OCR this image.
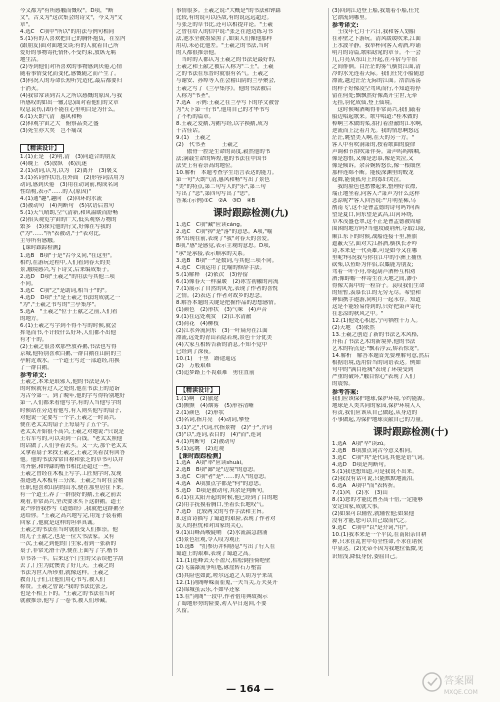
今义都为"有所感触而慨叹"。D项，"断
文"，古义为"这次集会的诗文"，今义为"文
章"。
4.选C　C项中"所以"的用法与例句相同
5.(1)有的人喜欢把自己的胸怀抱负，在室内
(跟朋友)面对面地交谈;有的人就着自己所
爱好的事物寄托情怀,不受约束,放纵无羁
地生活。
(2)等到他们对所喜欢的事物感到厌倦,心情
随着事情变化而变化,感慨随之而产生了。
(3)何况人的寿命长短听凭造化,最后都要归
于消灭。
(4)我常常读到古人之所以感慨的原因,与我
所感叹的如出一辙,(总)面对着他们的文章
叹息哀伤,(却)不能在心里明白是为什么。
6.(1)天朗气清　惠风和畅
(2)仰观宇宙之大　俯察品类之盛
(3)死生亦大矣　岂不痛哉
【精读设计】
1.(1)正是　(2)明,清　(3)同道合的朋友
(4)晚上　(5)放纵　(6)沉迷
2.(1)动词,认为,以为　(2)离开　(3)褒义
3.(1)名词作状语,在外面　(2)形容词活用为
动词,感到厌倦　(3)用在动词前,构成名词
性结构,表示"……的人(原因)"
4.(1)通"趣",趣向　(2)回环的水流
(3)被动句　(4)判断句　(5)状语后置句
5.(1)天气晴朗,空气清新,和风温暖而舒畅
(2)抬头观览宇宙的广大,低头观察万物的
繁多　(3)探究他的行文,好像在写我的
("为"……"所"表被动,"于"表对比,
主导所有感触。
【课时跟踪检测】
1.选B　B项"于是"古今义同,"在这里"。
相约,在游玩过程中,人们看到春天的美
景,触境感兴,写下诗文,后来编成集子。
2.选D　D项"王羲之"的用法与其他三项
不同。
3.选C　C项"之"是助词,相当于"的"。
4.选D　D项"王"是王羲之书法的成就之一
"为","王羲之书写的"兰亭集序"。
5.选A　"王羲之"位于王献之之前,人们看
的地方。
6.(1)王羲之写字到不得不写的时候,就会
挥笔而书,不计较什么好坏,人们都不出他
有才干的。
(2)王羲之很喜欢那些放养鹅,书法也写得
京城,他特别喜欢白鹅,一群白鹅在山阴的兰
亭附近戏水。一个道士写过一部道经,用换
了一群白鹅。
参考译文:
王羲之,本来是琅邪人,他的书法是从小
的时候就有过人之处的,他在书法上的造诣
为古今第一。到了晚年,他的字写得特别地好
第一,人们都来看他写字,有的人当他写字的
时候站在旁边看他写,有人则买他写的扇子,
对他说一定要写一个字,王羲之一时高兴,
便在老太太的扇子上每扇写了五个字。
老太太开始很不高兴,王羲之对她说:"只说是
王右军写的,可以卖到一百钱。"老太太照他
的话做了,人们争着去买。又一天,那个老太太
又拿着扇子来找王羲之,王羲之笑着没有回答
他。他的书法常常自称和张芝的草书可以并
驾齐驱,和钟繇的楷书相比还超过一些。
王羲之曾经在木板上写字,工匠刻字时,发现
墨迹透入木板有三分深。王羲之当时在会稽
任职,他喜欢山阴的山水,便在那里居住下来。
有一个道士,养了一群很好的鹅,王羲之前去
观看,非常高兴,坚决要求买下这群鹅。道士
说:"你替我抄写《道德经》,我就把这群鹅全
送给你。"王羲之高兴地写完,用笼子装着鹅
回家了,他就是这样的坦率真诚。
王羲之的书法在当时就很受人们推崇。他
的儿子王献之,也是一位大书法家。又有
一次,王羲之到他的门生家,看到一张新的
桌子,非常光滑干净,便在上面写了字,楷书
草书各一半。后来这个门生的父亲误把字刮
去了,门生为此懊丧了好几天。王羲之的
书法为世人所珍重,就像这样。王羲之
教育儿子们,让他们用心书写,被人们
称赞。王羲之曾说:"我的书法比张芝,
也是不相上下的。"王羲之的书法在当时
就被推崇,他写了一卷书,被人们珍藏。
事情很多。王羲之说:"大概是"的书法和钟繇
比较,有的说可以匹敌,有的说远远超过。
与张芝的草书比,还可以相提并论。"王羲
之曾在给人的信中说:"张芝在池边练习书
法,池水全被墨染黑了,如果人们像他那样
用功,未必比他差。"王羲之的书法,当时
的人都很推崇他。
　当时的人都认为王羲之的书法是最好的,
王羲之和王献之被后人称为"二王"。王羲
之的书法在东晋时就很有名气。王羲之
与谢安、孙绰等人在会稽山阴的兰亭聚会,
王羲之写了《兰亭集序》。他的书法被后
人称为"书圣"。
7.选A　示例:王羲之在兰亭写下的序文被誉
为"天下第一行书",他用自己的才华书写
了不朽的篇章。
8.王羲之爱鹅,为鹅写经,以字换鹅,成为
千古佳话。
9.(1)　王羲之
(2)　代书圣　　　王羲之
　　傲骨一腔是生命的高度,毅然他的书
法;满载生命的辉煌,他的书法在中国书
法史上有着崇高的地位。
10.解析　本题考查学生语言表达的能力。
第一句"天朗气清,惠风和畅"写出了景色
"美"的特点,第二句写人的"乐",第三句
写出了"悲",第四句写出了"思"。
答案:(示例)①C　②A　③D　④B
课时跟踪检测(九)
1.选C　C项"藏"应读cáng。
2.选C　C项"掉"是"落"的意思。A项,"喻
体"出现在前,表现了"我"对春天的喜爱。
B项,"感"是感觉,表示主观的意思。D项,
"承"是承接,表示顺承的关系。
3.选B　B项"一"是数词,与其他三项不同。
4.选C　C项运用了比喻的修辞手法。
5.(1)解释　(2)依次　(3)停留
6.(1)像春天一样温暖　(2)冰雪初融的河流
7.(1)展示了自然的风光,表现了作者的喜悦
之情。(2)表达了作者对故乡的思念。
8.解答本题的关键是把握作品的思想感情。
(1)颜色　(2)形状　(3)气味　(4)声音
9.(1)在远处观赏　(2)江水清澈
(3)荷花　(4)柳枝
(2)江水奔流向东　(3)一叶扁舟在江面
漂流,远处的青山若隐若现,景色十分优美
(4)大家互相转告新的消息,不知不觉中
已经到了深夜。
10.(1)　千里　路途遥远
(2)　万般艰难
(3)追梦路上不畏艰难　勇往直前
【精读设计】
1.(1)啊　(2)旅途
(3)颤颤　(4)烟雾　(5)形容清晰
2.(1)颜色　(2)形状
(3)名词,指月亮　(4)动词,攀登
3.(1)"之",代词,代指景物　(2)"于",介词
(3)"以",连词,表目的　(4)"而",连词
4.(1)判断句　(2)被动句
5.(1)远眺　(2)近观
【课时跟踪检测】
1.选A　A项"率"应读shuài。
2.选B　B项"鄙"是"边境"的意思。
3.选C　C项"者"是"……的人"的意思。
4.选A　A项加点字都是"何"的意思。
5.选D　D项是被动句,其余是判断句。
6.(1)在太阳升起的时候,他已经到了目的地
(2)用手抚摸着胸口,坐着长长地叹气。
7.选D　比较两文的写作手法和主旨。
8.这首诗描写了蜀道的艰险,表现了作者对
友人的担忧和对国家的关心。
9.(1)山峰高峻陡峭　(2)水流湍急汹涌
(3)景色壮观,令人叹为观止
10.选B　"扪参历井仰胁息"写出了行人在
蜀道上的艰难,表现了蜀道之高。
11.(1)连峰去天不盈尺,枯松倒挂倚绝壁
(2)飞湍瀑流争喧豗,砯崖转石万壑雷
(3)其险也如此,嗟尔远道之人胡为乎来哉
12.(1)剑阁峥嵘而崔嵬,一夫当关,万夫莫开
(2)锦城虽云乐,不如早还家
13.在"剑阁"一段中,作者借用典故揭示
了蜀地形势的险要,劝人早日返回,不要
久留。
(3)回到江边登上船,我划着小船,任凭
它漂流到哪里。
参考译文:
　壬戌年七月十六日,我和客人划船
在赤壁之下游玩。清风缓缓吹来,江面
上水波平静。我举杯向客人劝酒,吟诵
明月的诗篇,歌唱窈窕的章节。不一会
儿,月亮从东山上升起,在斗宿与牛宿
之间徘徊。白茫茫的雾气横贯江面,清
冷的水光连着天际。我们任凭小船随意
漂流,越过茫茫无际的江面。浩浩荡荡
的样子好像凌空驾风而行,不知道将停
留在何处;飘飘然好像离开尘世,无牵
无挂,羽化成仙,登上仙境。
　这时候喝酒喝得非常高兴,我们敲着
船边唱起歌来。歌中唱道:"桂木做的
棹啊兰木做的桨,拍打着澄澈的江水啊,
逆流而上泛着月光。我的情思啊悠远
茫茫,眺望美人啊,在天的另一方。"
客人中有吹洞箫的,按着歌曲的旋律
声调和节拍吹箫伴奏。箫声呜呜咽咽,
像是怨恨,又像是思慕,像是哭泣,又
像是倾诉。余音婉转悠长,像一根细丝
那样连绵不断。能使深渊里的蛟龙
起舞,能使孤舟上的寡妇哭泣。
　我的脸色也愁惨起来,整理好衣襟,
端正地坐着,问客人:"箫声为什么这样
悲凉呢?"客人回答说:"'月明星稀,乌
鹊南飞',这不是曹孟德的诗句吗?向西
望是夏口,向东望是武昌,山河环绕,
草木茂盛苍翠,这不正是曹孟德被周瑜
围困的地方吗?当他攻破荆州,夺取江陵,
顺江东下的时候,战船连接千里,旌旗
遮蔽天空,面对大江斟酒,横执长矛吟
诗,本来是一代英雄,可是如今又在哪
里呢?何况我与你在江中的小洲上捕鱼
砍柴,以鱼虾为伴侣,以麋鹿为朋友;
驾着一叶小舟,举起葫芦酒杯互相劝
酒;像蜉蝣一样寄生在天地之间,渺小
得像大海中的一粒谷子。哀叹我们生命
的短暂,羡慕长江的无穷无尽。希望和
神仙携手遨游,同明月一起永存。知道
这是不能轻易得到的,只好把箫声寄托
在悲凉的秋风之中。"
12.(1)他处心积虑,宁可牺牲千万人。
(2)天地　(3)依然
13.王羲之创造了新的书法艺术风格,
开拓了书法艺术的新境界,他的书法
艺术的特点是:"飘若浮云,矫若惊龙"。
14.解析　解答本题首先要理解句意,然后
根据语境,选用恰当的词语表达。例如
句中的"满目疮痍"表现了环境受到
严重的破坏,"触目惊心"表现了人们
的震惊。
参考答案:
我们应该保护地球,保护环境,节约能源。
地球是人类共同的家园,保护环境人人
有责,我们应该从自己做起,从身边的
小事做起,为保护地球贡献自己的力量。
课时跟踪检测(十)
1.选A　A项"卒"读zú。
2.选B　B项加点词古今意义相同。
3.选C　C项"其"是代词,其他是语气词。
4.选D　D项是判断句。
5.(1)我也想知道,可是我说不出来。
(2)我没有话可说,只能默默地流泪。
6.选A　A项中"而"表转折。
7.(1)风　(2)水　(3)山
8.(1)您的才能比曹丕高十倍,一定能够
安定国家,成就大事。
(2)如果可以辅佐,就辅佐他;如果他
没有才能,您可以自己取而代之。
9.选C　C项中"以"是介词,"用"。
10.(1)我本来是一个平民,在南阳亲自耕
种,只求在乱世中苟全性命,不求在诸侯
中显达。(2)先帝不因为我地位低微,见
识短浅,降低身份,委屈自己。
答案圈
MXQE.COM
— 164 —
